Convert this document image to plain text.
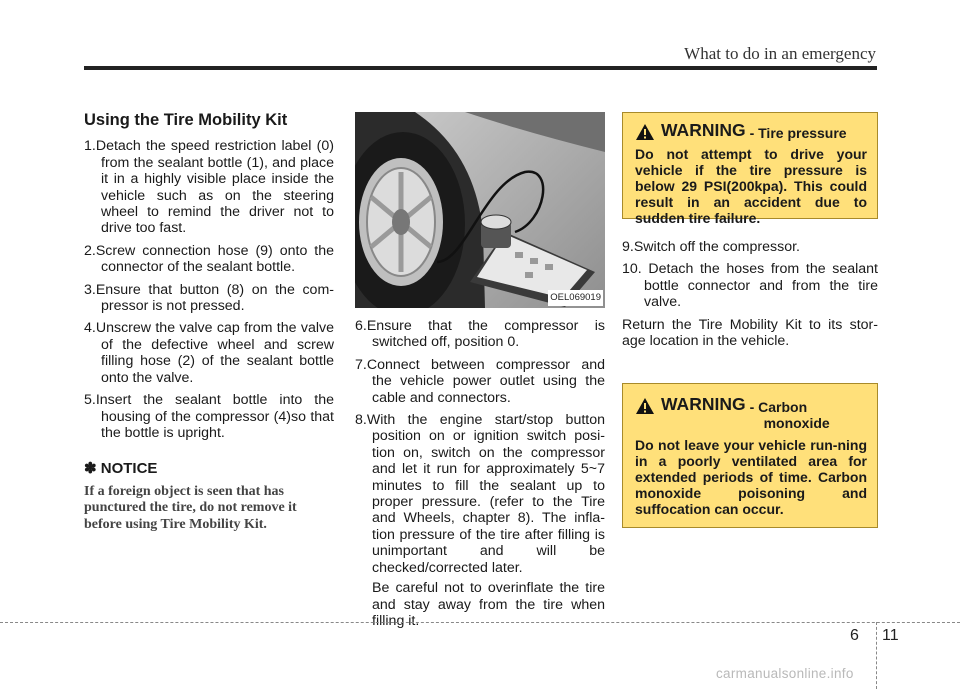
What to do in an emergency
Using the Tire Mobility Kit
1.Detach the speed restriction label (0) from the sealant bottle (1), and place it in a highly visible place inside the vehicle such as on the steering wheel to remind the driver not to drive too fast.
2.Screw connection hose (9) onto the connector of the sealant bottle.
3.Ensure that button (8) on the com-pressor is not pressed.
4.Unscrew the valve cap from the valve of the defective wheel and screw filling hose (2) of the sealant bottle onto the valve.
5.Insert the sealant bottle into the housing of the compressor (4)so that the bottle is upright.
✽ NOTICE
If a foreign object is seen that has punctured the tire, do not remove it before using Tire Mobility Kit.
OEL069019
6.Ensure that the compressor is switched off, position 0.
7.Connect between compressor and the vehicle power outlet using the cable and connectors.
8.With the engine start/stop button position on or ignition switch posi-tion on, switch on the compressor and let it run for approximately 5~7 minutes to fill the sealant up to proper pressure. (refer to the Tire and Wheels, chapter 8). The infla-tion pressure of the tire after filling is unimportant and will be checked/corrected later.

Be careful not to overinflate the tire and stay away from the tire when filling it.

WARNING - Tire pressure
Do not attempt to drive your vehicle if the tire pressure is below 29 PSI(200kpa). This could result in an accident due to sudden tire failure.
9.Switch off the compressor.
10. Detach the hoses from the sealant bottle connector and from the tire valve.

Return the Tire Mobility Kit to its stor-age location in the vehicle.

WARNING - Carbon
monoxide
Do not leave your vehicle run-ning in a poorly ventilated area for extended periods of time. Carbon monoxide poisoning and suffocation can occur.
6 11
carmanualsonline.info
